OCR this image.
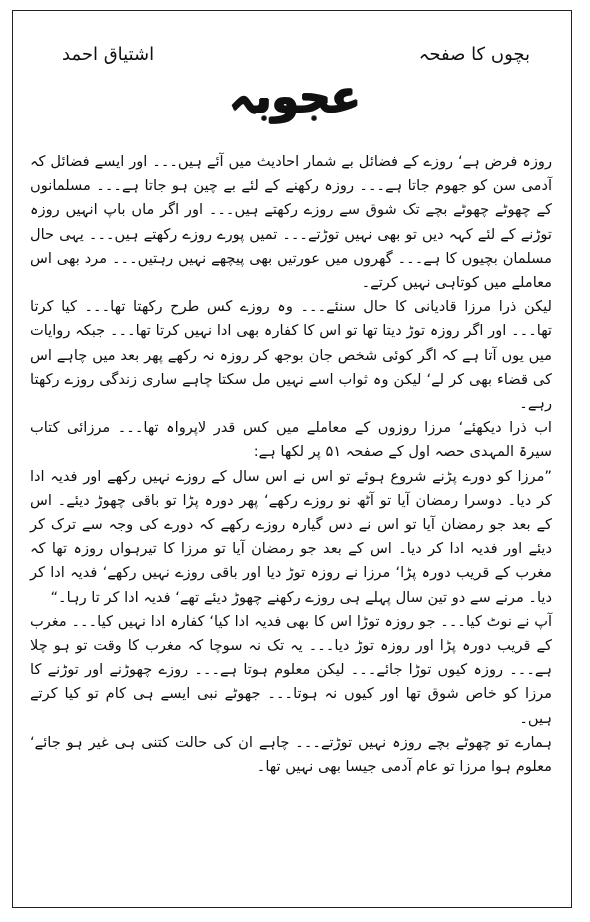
اشتیاق احمد	بچوں کا صفحہ
عجوبہ

روزہ فرض ہے‘ روزے کے فضائل بے شمار احادیث میں آئے ہیں۔۔۔ اور ایسے فضائل کہ آدمی سن کو جھوم جاتا ہے۔۔۔ روزہ رکھنے کے لئے بے چین ہو جاتا ہے۔۔۔ مسلمانوں کے چھوٹے چھوٹے بچے تک شوق سے روزے رکھتے ہیں۔۔۔ اور اگر ماں باپ انہیں روزہ توڑنے کے لئے کہہ دیں تو بھی نہیں توڑتے۔۔۔ تمیں پورے روزے رکھتے ہیں۔۔۔ یہی حال مسلمان بچیوں کا ہے۔۔۔ گھروں میں عورتیں بھی پیچھے نہیں رہتیں۔۔۔ مرد بھی اس معاملے میں کوتاہی نہیں کرتے۔

لیکن ذرا مرزا قادیانی کا حال سنئے۔۔۔ وہ روزے کس طرح رکھتا تھا۔۔۔ کیا کرتا تھا۔۔۔ اور اگر روزہ توڑ دیتا تھا تو اس کا کفارہ بھی ادا نہیں کرتا تھا۔۔۔ جبکہ روایات میں یوں آتا ہے کہ اگر کوئی شخص جان بوجھ کر روزہ نہ رکھے پھر بعد میں چاہے اس کی قضاء بھی کر لے‘ لیکن وہ ثواب اسے نہیں مل سکتا چاہے ساری زندگی روزے رکھتا رہے۔

اب ذرا دیکھئے‘ مرزا روزوں کے معاملے میں کس قدر لاپرواہ تھا۔۔۔ مرزائی کتاب سیرۃ المہدی حصہ اول کے صفحہ ۵۱ پر لکھا ہے:

”مرزا کو دورے پڑنے شروع ہوئے تو اس نے اس سال کے روزے نہیں رکھے اور فدیہ ادا کر دیا۔ دوسرا رمضان آیا تو آٹھ نو روزے رکھے‘ پھر دورہ پڑا تو باقی چھوڑ دیئے۔ اس کے بعد جو رمضان آیا تو اس نے دس گیارہ روزے رکھے کہ دورے کی وجہ سے ترک کر دیئے اور فدیہ ادا کر دیا۔ اس کے بعد جو رمضان آیا تو مرزا کا تیرہواں روزہ تھا کہ مغرب کے قریب دورہ پڑا‘ مرزا نے روزہ توڑ دیا اور باقی روزے نہیں رکھے‘ فدیہ ادا کر دیا۔ مرنے سے دو تین سال پہلے ہی روزے رکھنے چھوڑ دیئے تھے‘ فدیہ ادا کر تا رہا۔“

آپ نے نوٹ کیا۔۔۔ جو روزہ توڑا اس کا بھی فدیہ ادا کیا‘ کفارہ ادا نہیں کیا۔۔۔ مغرب کے قریب دورہ پڑا اور روزہ توڑ دیا۔۔۔ یہ تک نہ سوچا کہ مغرب کا وقت تو ہو چلا ہے۔۔۔ روزہ کیوں توڑا جائے۔۔۔ لیکن معلوم ہوتا ہے۔۔۔ روزے چھوڑنے اور توڑنے کا مرزا کو خاص شوق تھا اور کیوں نہ ہوتا۔۔۔ جھوٹے نبی ایسے ہی کام تو کیا کرتے ہیں۔

ہمارے تو چھوٹے بچے روزہ نہیں توڑتے۔۔۔ چاہے ان کی حالت کتنی ہی غیر ہو جائے‘ معلوم ہوا مرزا تو عام آدمی جیسا بھی نہیں تھا۔
